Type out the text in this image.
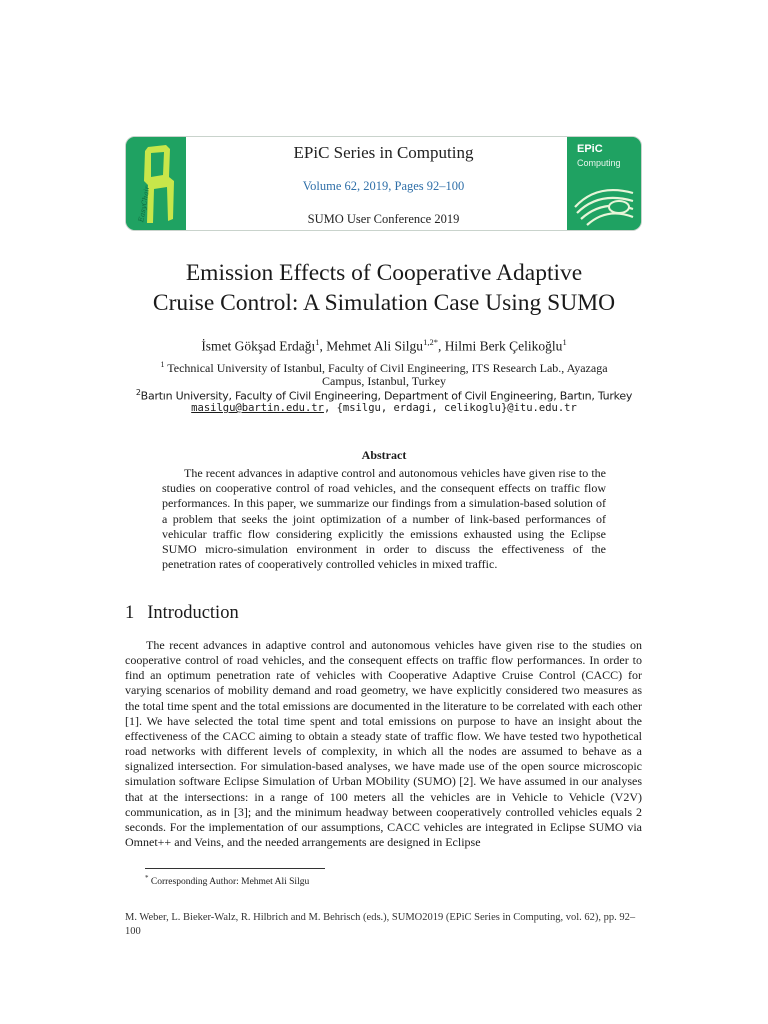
EasyChair
EPiC Series in Computing
Volume 62, 2019, Pages 92–100
SUMO User Conference 2019
EPiC
Computing
Emission Effects of Cooperative Adaptive
Cruise Control: A Simulation Case Using SUMO
İsmet Gökşad Erdağı$^1$, Mehmet Ali Silgu$^{1,2*}$, Hilmi Berk Çelikoğlu$^1$
$^1$ Technical University of Istanbul, Faculty of Civil Engineering, ITS Research Lab., Ayazaga
Campus, Istanbul, Turkey
$^2$Bartın University, Faculty of Civil Engineering, Department of Civil Engineering, Bartın, Turkey
masilgu@bartin.edu.tr, {msilgu, erdagi, celikoglu}@itu.edu.tr
Abstract
The recent advances in adaptive control and autonomous vehicles have given rise to the studies on cooperative control of road vehicles, and the consequent effects on traffic flow performances. In this paper, we summarize our findings from a simulation-based solution of a problem that seeks the joint optimization of a number of link-based performances of vehicular traffic flow considering explicitly the emissions exhausted using the Eclipse SUMO micro-simulation environment in order to discuss the effectiveness of the penetration rates of cooperatively controlled vehicles in mixed traffic.
1 Introduction
The recent advances in adaptive control and autonomous vehicles have given rise to the studies on cooperative control of road vehicles, and the consequent effects on traffic flow performances. In order to find an optimum penetration rate of vehicles with Cooperative Adaptive Cruise Control (CACC) for varying scenarios of mobility demand and road geometry, we have explicitly considered two measures as the total time spent and the total emissions are documented in the literature to be correlated with each other [1]. We have selected the total time spent and total emissions on purpose to have an insight about the effectiveness of the CACC aiming to obtain a steady state of traffic flow. We have tested two hypothetical road networks with different levels of complexity, in which all the nodes are assumed to behave as a signalized intersection. For simulation-based analyses, we have made use of the open source microscopic simulation software Eclipse Simulation of Urban MObility (SUMO) [2]. We have assumed in our analyses that at the intersections: in a range of 100 meters all the vehicles are in Vehicle to Vehicle (V2V) communication, as in [3]; and the minimum headway between cooperatively controlled vehicles equals 2 seconds. For the implementation of our assumptions, CACC vehicles are integrated in Eclipse SUMO via Omnet++ and Veins, and the needed arrangements are designed in Eclipse
* Corresponding Author: Mehmet Ali Silgu
M. Weber, L. Bieker-Walz, R. Hilbrich and M. Behrisch (eds.), SUMO2019 (EPiC Series in Computing, vol. 62), pp. 92–100
